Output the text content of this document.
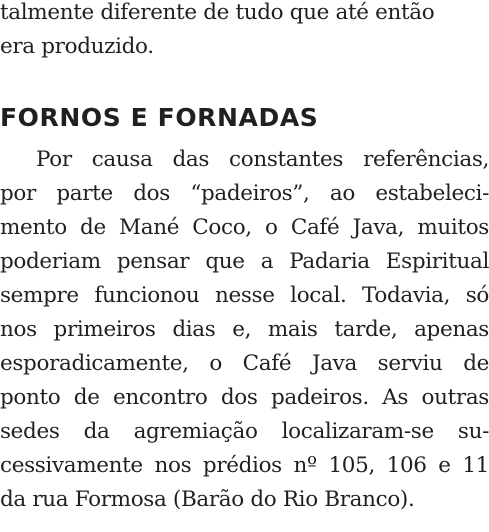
talmente diferente de tudo que até então
era produzido.
FORNOS E FORNADAS
Por causa das constantes referências,
por parte dos “padeiros”, ao estabeleci-
mento de Mané Coco, o Café Java, muitos
poderiam pensar que a Padaria Espiritual
sempre funcionou nesse local. Todavia, só
nos primeiros dias e, mais tarde, apenas
esporadicamente, o Café Java serviu de
ponto de encontro dos padeiros. As outras
sedes da agremiação localizaram-se su-
cessivamente nos prédios nº 105, 106 e 11
da rua Formosa (Barão do Rio Branco).
